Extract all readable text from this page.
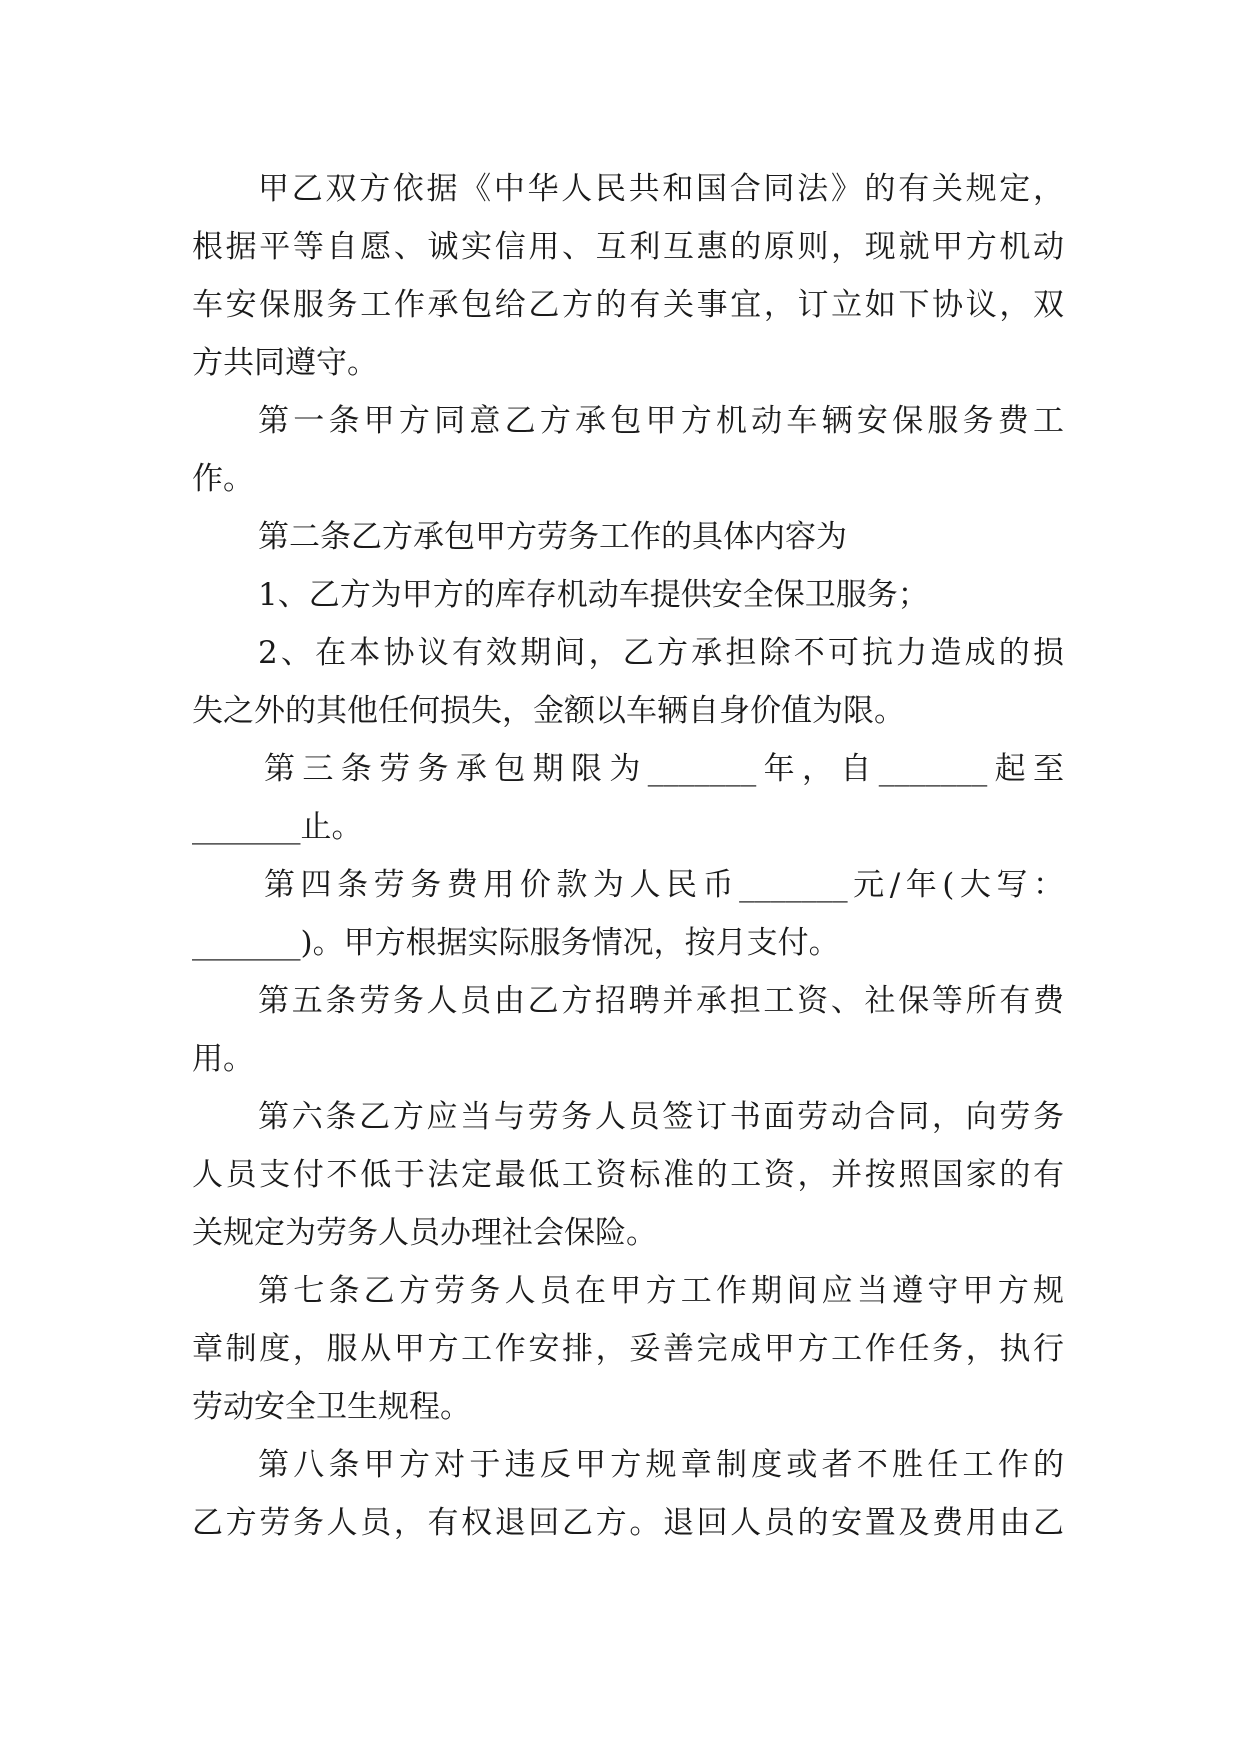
甲乙双方依据《中华人民共和国合同法》的有关规定，
根据平等自愿、诚实信用、互利互惠的原则，现就甲方机动
车安保服务工作承包给乙方的有关事宜，订立如下协议，双
方共同遵守。
第一条甲方同意乙方承包甲方机动车辆安保服务费工
作。
第二条乙方承包甲方劳务工作的具体内容为
1、乙方为甲方的库存机动车提供安全保卫服务；
2、在本协议有效期间，乙方承担除不可抗力造成的损
失之外的其他任何损失，金额以车辆自身价值为限。
第三条劳务承包期限为_______年，自_______起至
_______止。
第四条劳务费用价款为人民币_______元/年(大写：
_______)。甲方根据实际服务情况，按月支付。
第五条劳务人员由乙方招聘并承担工资、社保等所有费
用。
第六条乙方应当与劳务人员签订书面劳动合同，向劳务
人员支付不低于法定最低工资标准的工资，并按照国家的有
关规定为劳务人员办理社会保险。
第七条乙方劳务人员在甲方工作期间应当遵守甲方规
章制度，服从甲方工作安排，妥善完成甲方工作任务，执行
劳动安全卫生规程。
第八条甲方对于违反甲方规章制度或者不胜任工作的
乙方劳务人员，有权退回乙方。退回人员的安置及费用由乙
